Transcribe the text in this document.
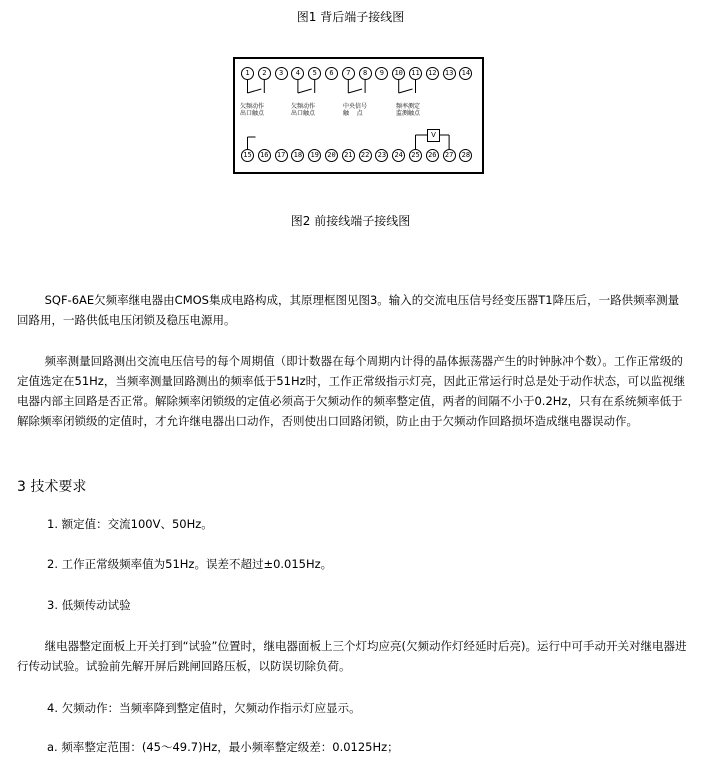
图1 背后端子接线图
1	2	3	4	5	6	7	8	9	10	11	12	13	14
15	16	17	18	19	20	21	22	23	24	25	26	27	28
欠频动作
出口触点
欠频动作
出口触点
中央信号
触    点
频率测定
监测触点
V
图2 前接线端子接线图

SQF-6AE欠频率继电器由CMOS集成电路构成，其原理框图见图3。输入的交流电压信号经变压器T1降压后，一路供频率测量回路用，一路供低电压闭锁及稳压电源用。

频率测量回路测出交流电压信号的每个周期值（即计数器在每个周期内计得的晶体振荡器产生的时钟脉冲个数）。工作正常级的定值选定在51Hz，当频率测量回路测出的频率低于51Hz时，工作正常级指示灯亮，因此正常运行时总是处于动作状态，可以监视继电器内部主回路是否正常。解除频率闭锁级的定值必须高于欠频动作的频率整定值，两者的间隔不小于0.2Hz，只有在系统频率低于解除频率闭锁级的定值时，才允许继电器出口动作，否则使出口回路闭锁，防止由于欠频动作回路损坏造成继电器误动作。

3 技术要求
1. 额定值：交流100V、50Hz。
2. 工作正常级频率值为51Hz。误差不超过±0.015Hz。
3. 低频传动试验

继电器整定面板上开关打到“试验”位置时，继电器面板上三个灯均应亮(欠频动作灯经延时后亮)。运行中可手动开关对继电器进行传动试验。试验前先解开屏后跳闸回路压板，以防误切除负荷。

4. 欠频动作：当频率降到整定值时，欠频动作指示灯应显示。
a. 频率整定范围：(45～49.7)Hz，最小频率整定级差：0.0125Hz；
